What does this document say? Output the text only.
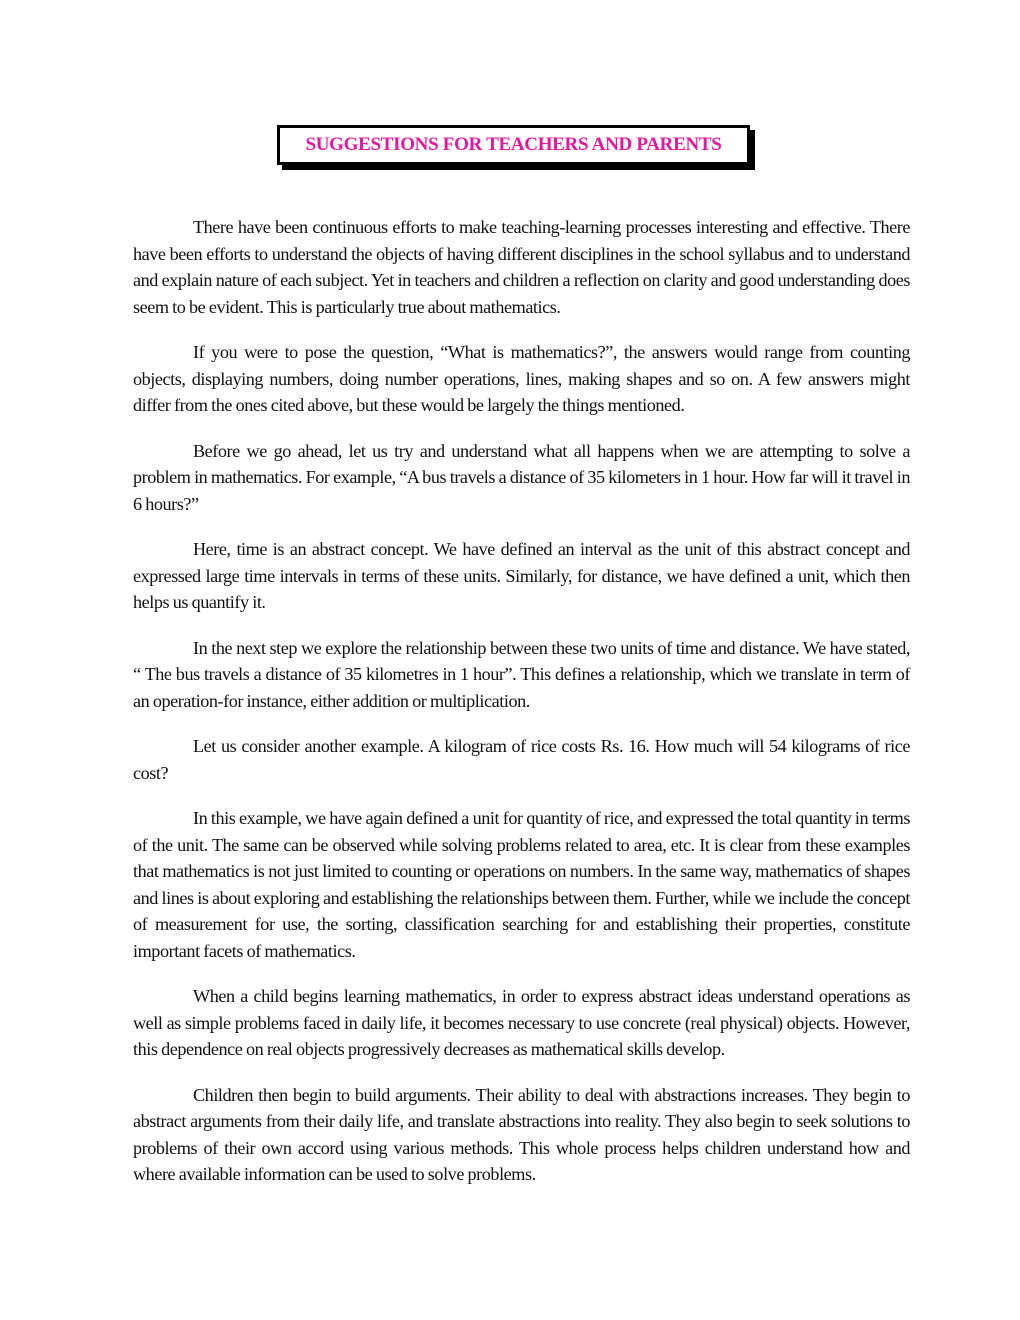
SUGGESTIONS FOR TEACHERS AND PARENTS

There have been continuous efforts to make teaching-learning processes interesting and effective. There have been efforts to understand the objects of having different disciplines in the school syllabus and to understand and explain nature of each subject. Yet in teachers and children a reflection on clarity and good understanding does seem to be evident. This is particularly true about mathematics.

If you were to pose the question, “What is mathematics?”, the answers would range from counting objects, displaying numbers, doing number operations, lines, making shapes and so on. A few answers might differ from the ones cited above, but these would be largely the things mentioned.

Before we go ahead, let us try and understand what all happens when we are attempting to solve a problem in mathematics. For example, “A bus travels a distance of 35 kilometers in 1 hour. How far will it travel in 6 hours?”

Here, time is an abstract concept. We have defined an interval as the unit of this abstract concept and expressed large time intervals in terms of these units. Similarly, for distance, we have defined a unit, which then helps us quantify it.

In the next step we explore the relationship between these two units of time and distance. We have stated, “ The bus travels a distance of 35 kilometres in 1 hour”. This defines a relationship, which we translate in term of an operation-for instance, either addition or multiplication.

Let us consider another example. A kilogram of rice costs Rs. 16. How much will 54 kilograms of rice cost?

In this example, we have again defined a unit for quantity of rice, and expressed the total quantity in terms of the unit. The same can be observed while solving problems related to area, etc. It is clear from these examples that mathematics is not just limited to counting or operations on numbers. In the same way, mathematics of shapes and lines is about exploring and establishing the relationships between them. Further, while we include the concept of measurement for use, the sorting, classification searching for and establishing their properties, constitute important facets of mathematics.

When a child begins learning mathematics, in order to express abstract ideas understand operations as well as simple problems faced in daily life, it becomes necessary to use concrete (real physical) objects. However, this dependence on real objects progressively decreases as mathematical skills develop.

Children then begin to build arguments. Their ability to deal with abstractions increases. They begin to abstract arguments from their daily life, and translate abstractions into reality. They also begin to seek solutions to problems of their own accord using various methods. This whole process helps children understand how and where available information can be used to solve problems.
